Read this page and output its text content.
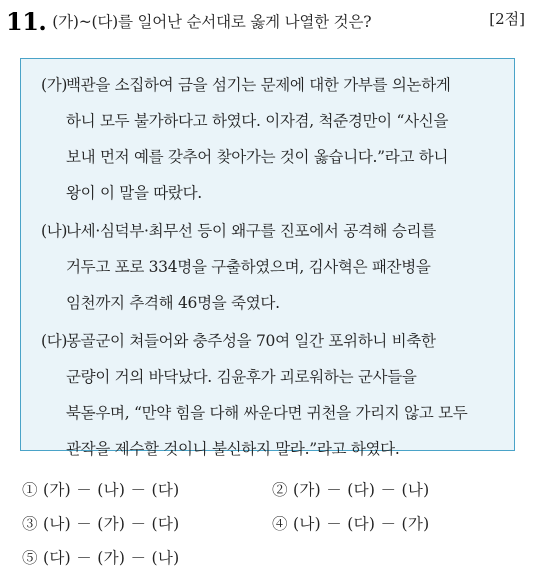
11. (가)~(다)를 일어난 순서대로 옳게 나열한 것은?	[2점]
(가)
백관을 소집하여 금을 섬기는 문제에 대한 가부를 의논하게
하니 모두 불가하다고 하였다. 이자겸, 척준경만이 “사신을
보내 먼저 예를 갖추어 찾아가는 것이 옳습니다.”라고 하니
왕이 이 말을 따랐다.
(나)
나세·심덕부·최무선 등이 왜구를 진포에서 공격해 승리를
거두고 포로 334명을 구출하였으며, 김사혁은 패잔병을
임천까지 추격해 46명을 죽였다.
(다)
몽골군이 쳐들어와 충주성을 70여 일간 포위하니 비축한
군량이 거의 바닥났다. 김윤후가 괴로워하는 군사들을
북돋우며, “만약 힘을 다해 싸운다면 귀천을 가리지 않고 모두
관작을 제수할 것이니 불신하지 말라.”라고 하였다.
① (가) － (나) － (다)	② (가) － (다) － (나)
③ (나) － (가) － (다)	④ (나) － (다) － (가)
⑤ (다) － (가) － (나)
